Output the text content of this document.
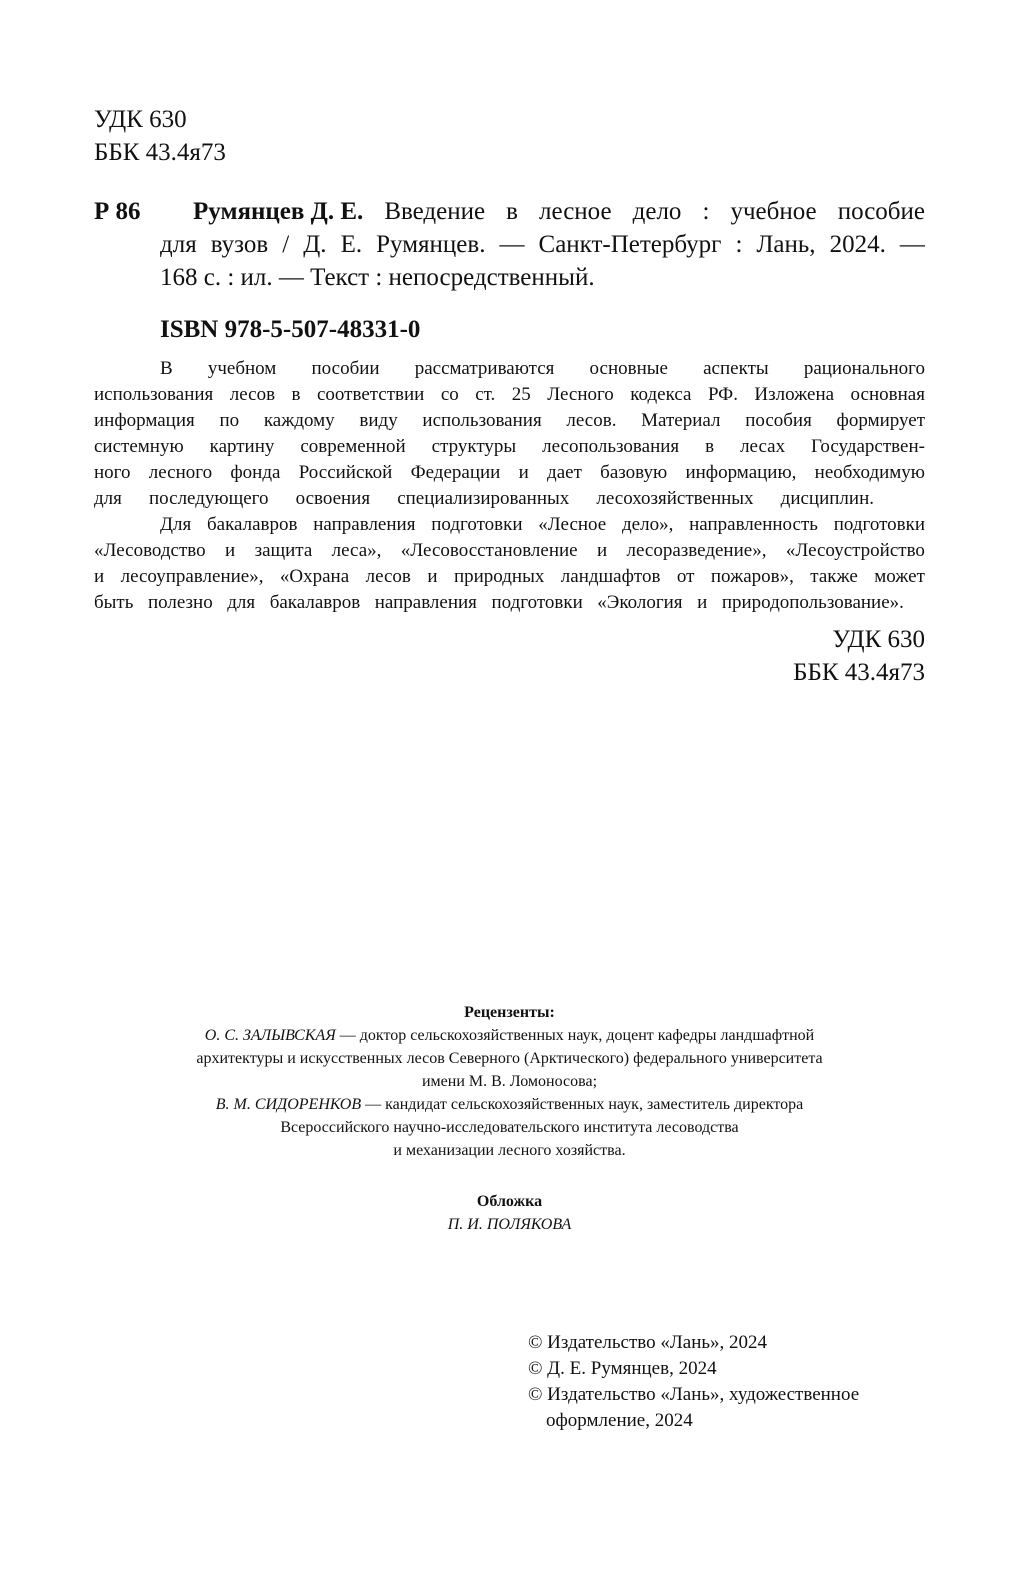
УДК 630
ББК 43.4я73
Р 86 Румянцев Д. Е. Введение в лесное дело : учебное пособие
для вузов / Д. Е. Румянцев. — Санкт-Петербург : Лань, 2024. —
168 с. : ил. — Текст : непосредственный.
ISBN 978-5-507-48331-0
В учебном пособии рассматриваются основные аспекты рационального
использования лесов в соответствии со ст. 25 Лесного кодекса РФ. Изложена основная
информация по каждому виду использования лесов. Материал пособия формирует
системную картину современной структуры лесопользования в лесах Государствен-
ного лесного фонда Российской Федерации и дает базовую информацию, необходимую
для последующего освоения специализированных лесохозяйственных дисциплин.
Для бакалавров направления подготовки «Лесное дело», направленность подготовки
«Лесоводство и защита леса», «Лесовосстановление и лесоразведение», «Лесоустройство
и лесоуправление», «Охрана лесов и природных ландшафтов от пожаров», также может
быть полезно для бакалавров направления подготовки «Экология и природопользование».
УДК 630
ББК 43.4я73
Рецензенты:
О. С. ЗАЛЫВСКАЯ — доктор сельскохозяйственных наук, доцент кафедры ландшафтной
архитектуры и искусственных лесов Северного (Арктического) федерального университета
имени М. В. Ломоносова;
В. М. СИДОРЕНКОВ — кандидат сельскохозяйственных наук, заместитель директора
Всероссийского научно-исследовательского института лесоводства
и механизации лесного хозяйства.
Обложка
П. И. ПОЛЯКОВА
© Издательство «Лань», 2024
© Д. Е. Румянцев, 2024
© Издательство «Лань», художественное
оформление, 2024
